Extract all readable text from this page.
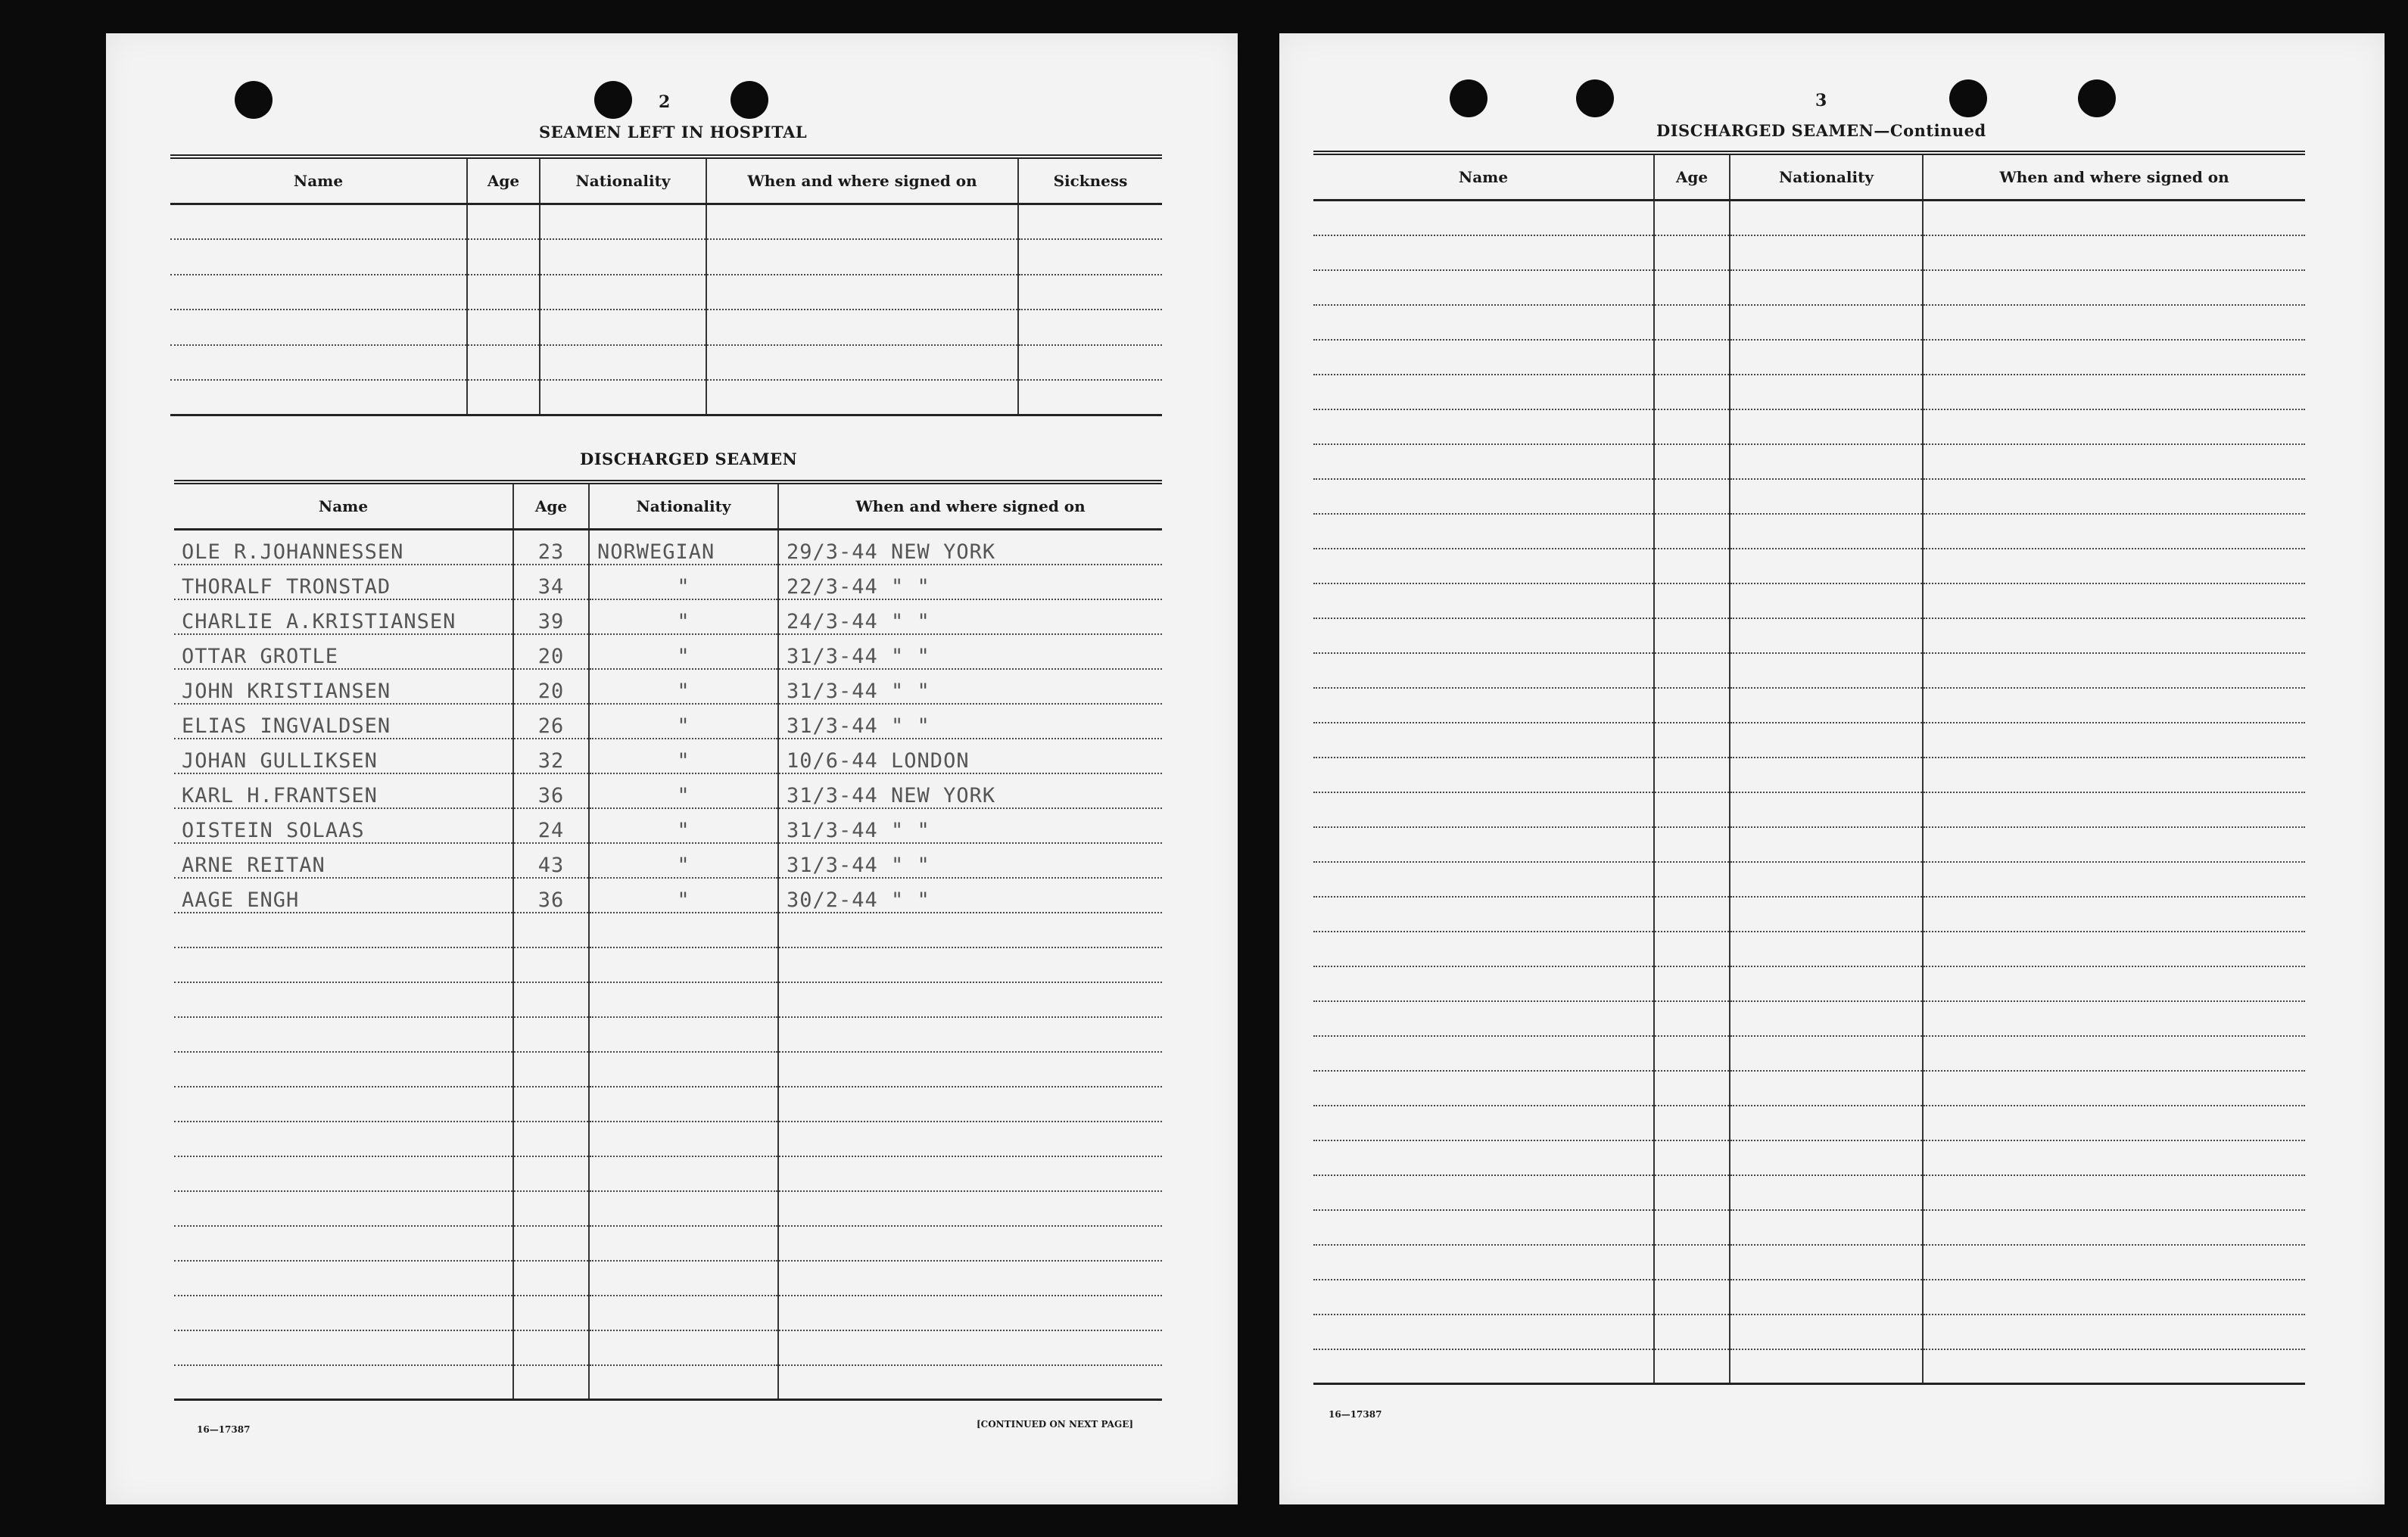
2
SEAMEN LEFT IN HOSPITAL
Name	Age	Nationality	When and where signed on	Sickness

DISCHARGED SEAMEN
Name	Age	Nationality	When and where signed on
OLE R.JOHANNESSEN	23	NORWEGIAN	29/3-44 NEW YORK
THORALF TRONSTAD	34	"	22/3-44 " "
CHARLIE A.KRISTIANSEN	39	"	24/3-44 " "
OTTAR GROTLE	20	"	31/3-44 " "
JOHN KRISTIANSEN	20	"	31/3-44 " "
ELIAS INGVALDSEN	26	"	31/3-44 " "
JOHAN GULLIKSEN	32	"	10/6-44 LONDON
KARL H.FRANTSEN	36	"	31/3-44 NEW YORK
OISTEIN SOLAAS	24	"	31/3-44 " "
ARNE REITAN	43	"	31/3-44 " "
AAGE ENGH	36	"	30/2-44 " "

16—17387	[CONTINUED ON NEXT PAGE]
3
DISCHARGED SEAMEN—Continued
Name	Age	Nationality	When and where signed on

16—17387
